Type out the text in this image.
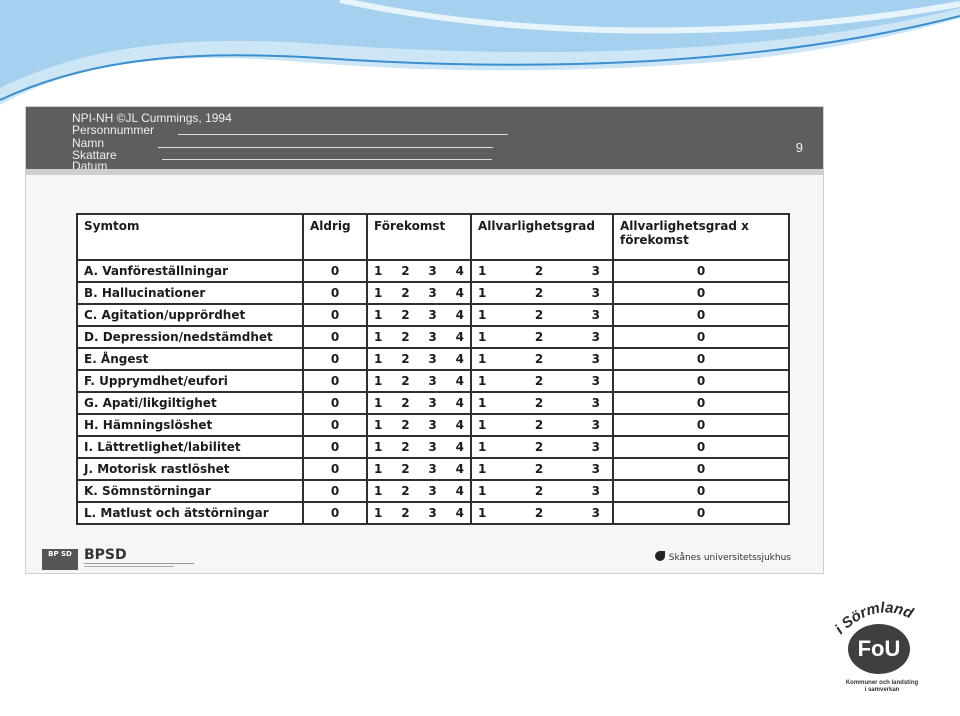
NPI-NH ©JL Cummings, 1994
Personnummer
Namn
Skattare
Datum
9
Symtom	Aldrig	Förekomst	Allvarlighetsgrad	Allvarlighetsgrad x förekomst
A. Vanföreställningar	0	1 2 3 4	1 2 3	0
B. Hallucinationer	0	1 2 3 4	1 2 3	0
C. Agitation/upprördhet	0	1 2 3 4	1 2 3	0
D. Depression/nedstämdhet	0	1 2 3 4	1 2 3	0
E. Ångest	0	1 2 3 4	1 2 3	0
F. Upprymdhet/eufori	0	1 2 3 4	1 2 3	0
G. Apati/likgiltighet	0	1 2 3 4	1 2 3	0
H. Hämningslöshet	0	1 2 3 4	1 2 3	0
I. Lättretlighet/labilitet	0	1 2 3 4	1 2 3	0
J. Motorisk rastlöshet	0	1 2 3 4	1 2 3	0
K. Sömnstörningar	0	1 2 3 4	1 2 3	0
L. Matlust och ätstörningar	0	1 2 3 4	1 2 3	0
BP SD BPSD	Skånes universitetssjukhus
i Sörmland
FoU
Kommuner och landsting
i samverkan
